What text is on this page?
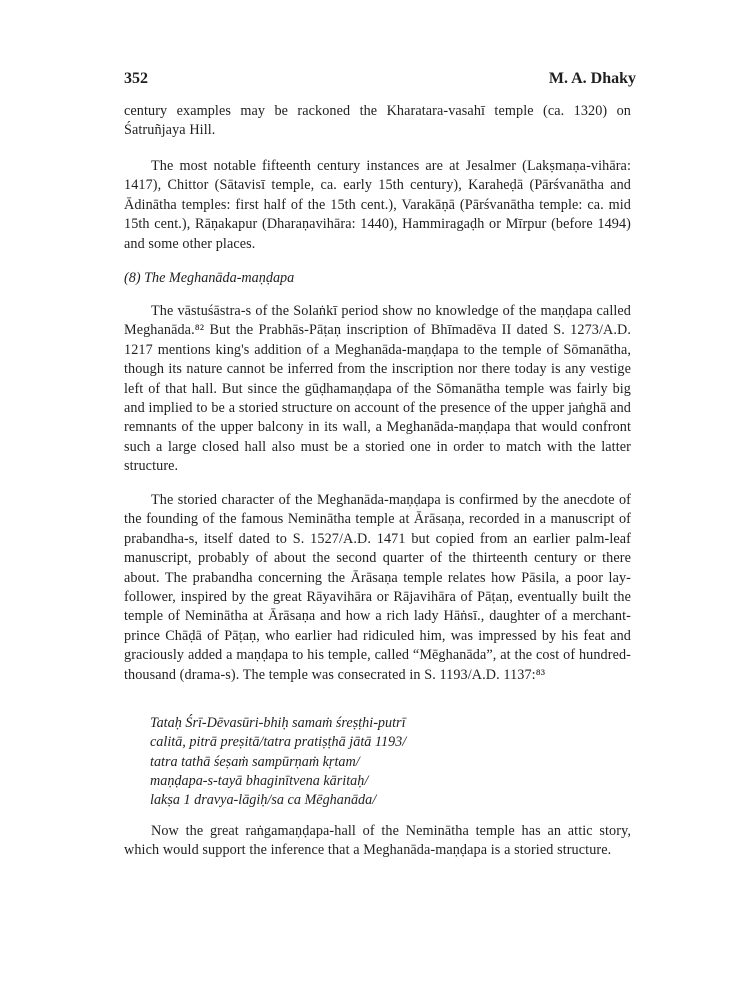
352	M. A. Dhaky
century examples may be rackoned the Kharatara-vasahī temple (ca. 1320) on Śatruñjaya Hill.
The most notable fifteenth century instances are at Jesalmer (Lakṣmaṇa-vihāra: 1417), Chittor (Sātavisī temple, ca. early 15th century), Karaheḍā (Pārśvanātha and Ādinātha temples: first half of the 15th cent.), Varakāṇā (Pārśvanātha temple: ca. mid 15th cent.), Rāṇakapur (Dharaṇavihāra: 1440), Hammiragaḍh or Mīrpur (before 1494) and some other places.
(8) The Meghanāda-maṇḍapa
The vāstuśāstra-s of the Solaṅkī period show no knowledge of the maṇḍapa called Meghanāda.⁸² But the Prabhās-Pāṭaṇ inscription of Bhīmadēva II dated S. 1273/A.D. 1217 mentions king's addition of a Meghanāda-maṇḍapa to the temple of Sōmanātha, though its nature cannot be inferred from the inscription nor there today is any vestige left of that hall. But since the gūḍhamaṇḍapa of the Sōmanātha temple was fairly big and implied to be a storied structure on account of the presence of the upper jaṅghā and remnants of the upper balcony in its wall, a Meghanāda-maṇḍapa that would confront such a large closed hall also must be a storied one in order to match with the latter structure.
The storied character of the Meghanāda-maṇḍapa is confirmed by the anecdote of the founding of the famous Neminātha temple at Ārāsaṇa, recorded in a manuscript of prabandha-s, itself dated to S. 1527/A.D. 1471 but copied from an earlier palm-leaf manuscript, probably of about the second quarter of the thirteenth century or there about. The prabandha concerning the Ārāsaṇa temple relates how Pāsila, a poor lay-follower, inspired by the great Rāyavihāra or Rājavihāra of Pāṭaṇ, eventually built the temple of Neminātha at Ārāsaṇa and how a rich lady Hāṅsī., daughter of a merchant-prince Chāḍā of Pāṭaṇ, who earlier had ridiculed him, was impressed by his feat and graciously added a maṇḍapa to his temple, called “Mēghanāda”, at the cost of hundred-thousand (drama-s). The temple was consecrated in S. 1193/A.D. 1137:⁸³
Tataḥ Śrī-Dēvasūri-bhiḥ samaṁ śreṣṭhi-putrī
calitā, pitrā preṣitā/tatra pratiṣṭhā jātā 1193/
tatra tathā śeṣaṁ sampūrṇaṁ kṛtam/
maṇḍapa-s-tayā bhaginītvena kāritaḥ/
lakṣa 1 dravya-lāgiḥ/sa ca Mēghanāda/
Now the great raṅgamaṇḍapa-hall of the Neminātha temple has an attic story, which would support the inference that a Meghanāda-maṇḍapa is a storied structure.
